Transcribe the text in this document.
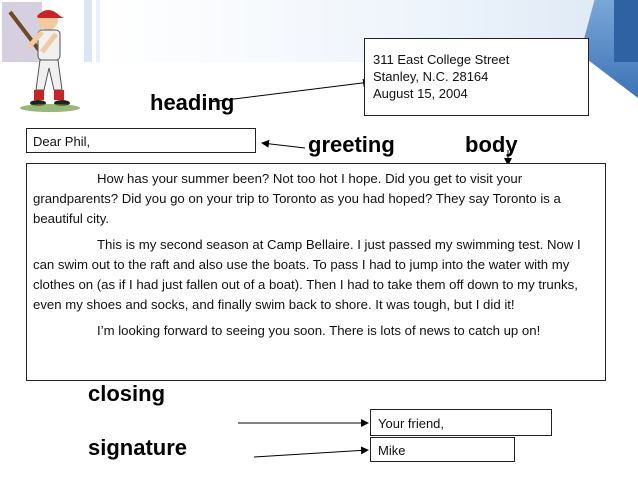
311 East College Street
Stanley, N.C. 28164
August 15, 2004
heading
greeting	body
closing
signature
Dear Phil,

How has your summer been? Not too hot I hope. Did you get to visit your grandparents? Did you go on your trip to Toronto as you had hoped? They say Toronto is a beautiful city.

This is my second season at Camp Bellaire. I just passed my swimming test. Now I can swim out to the raft and also use the boats. To pass I had to jump into the water with my clothes on (as if I had just fallen out of a boat). Then I had to take them off down to my trunks, even my shoes and socks, and finally swim back to shore. It was tough, but I did it!

I’m looking forward to seeing you soon. There is lots of news to catch up on!

Your friend,
Mike
